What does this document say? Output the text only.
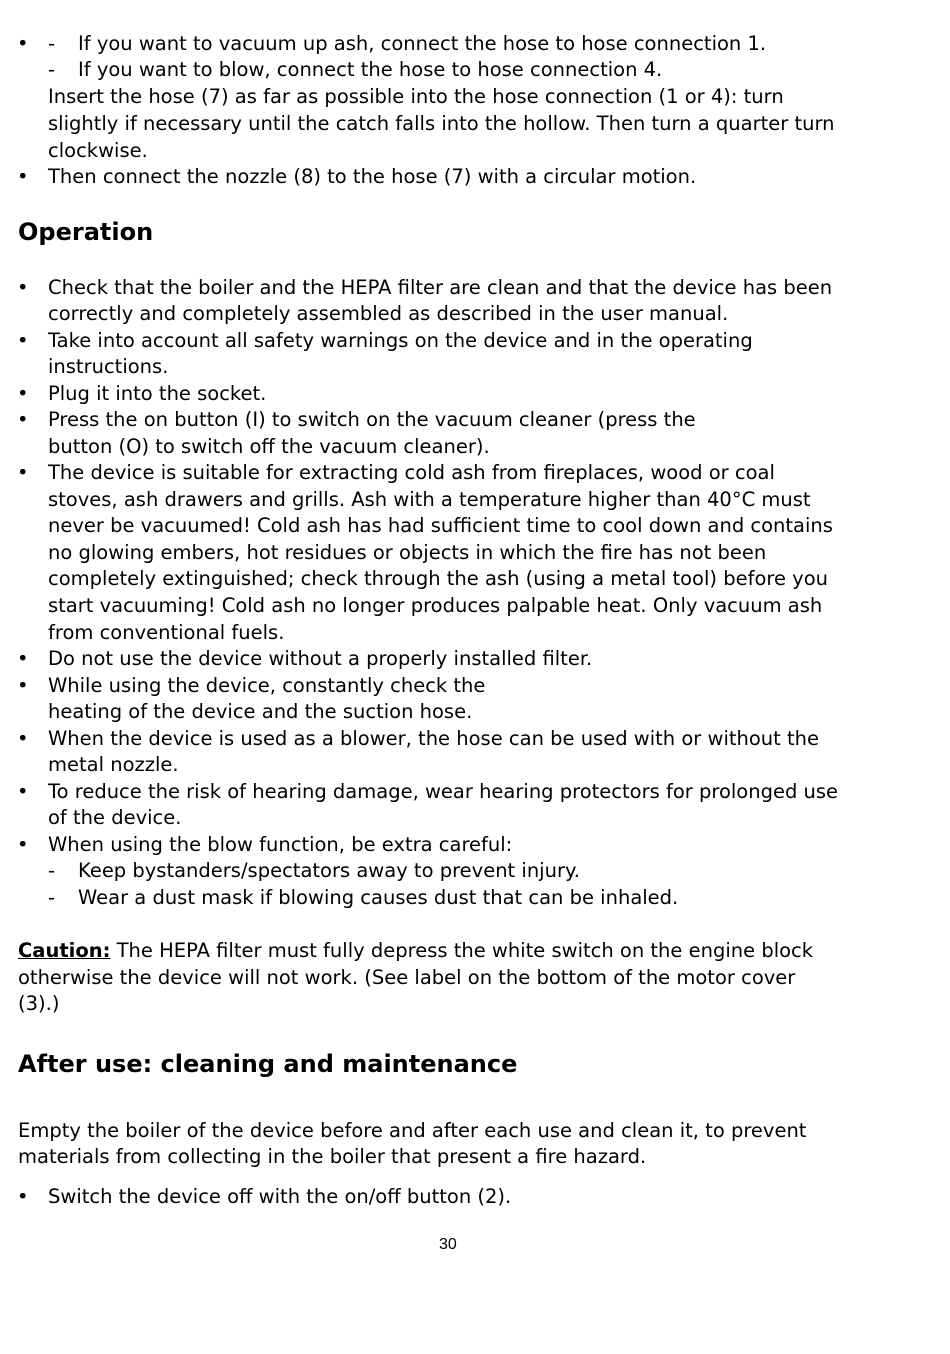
• - If you want to vacuum up ash, connect the hose to hose connection 1.
- If you want to blow, connect the hose to hose connection 4.
Insert the hose (7) as far as possible into the hose connection (1 or 4): turn
slightly if necessary until the catch falls into the hollow. Then turn a quarter turn
clockwise.
• Then connect the nozzle (8) to the hose (7) with a circular motion.
Operation
• Check that the boiler and the HEPA filter are clean and that the device has been
correctly and completely assembled as described in the user manual.
• Take into account all safety warnings on the device and in the operating
instructions.
• Plug it into the socket.
• Press the on button (I) to switch on the vacuum cleaner (press the
button (O) to switch off the vacuum cleaner).
• The device is suitable for extracting cold ash from fireplaces, wood or coal
stoves, ash drawers and grills. Ash with a temperature higher than 40°C must
never be vacuumed! Cold ash has had sufficient time to cool down and contains
no glowing embers, hot residues or objects in which the fire has not been
completely extinguished; check through the ash (using a metal tool) before you
start vacuuming! Cold ash no longer produces palpable heat. Only vacuum ash
from conventional fuels.
• Do not use the device without a properly installed filter.
• While using the device, constantly check the
heating of the device and the suction hose.
• When the device is used as a blower, the hose can be used with or without the
metal nozzle.
• To reduce the risk of hearing damage, wear hearing protectors for prolonged use
of the device.
• When using the blow function, be extra careful:
- Keep bystanders/spectators away to prevent injury.
- Wear a dust mask if blowing causes dust that can be inhaled.
Caution: The HEPA filter must fully depress the white switch on the engine block
otherwise the device will not work. (See label on the bottom of the motor cover
(3).)
After use: cleaning and maintenance
Empty the boiler of the device before and after each use and clean it, to prevent
materials from collecting in the boiler that present a fire hazard.
• Switch the device off with the on/off button (2).
30
